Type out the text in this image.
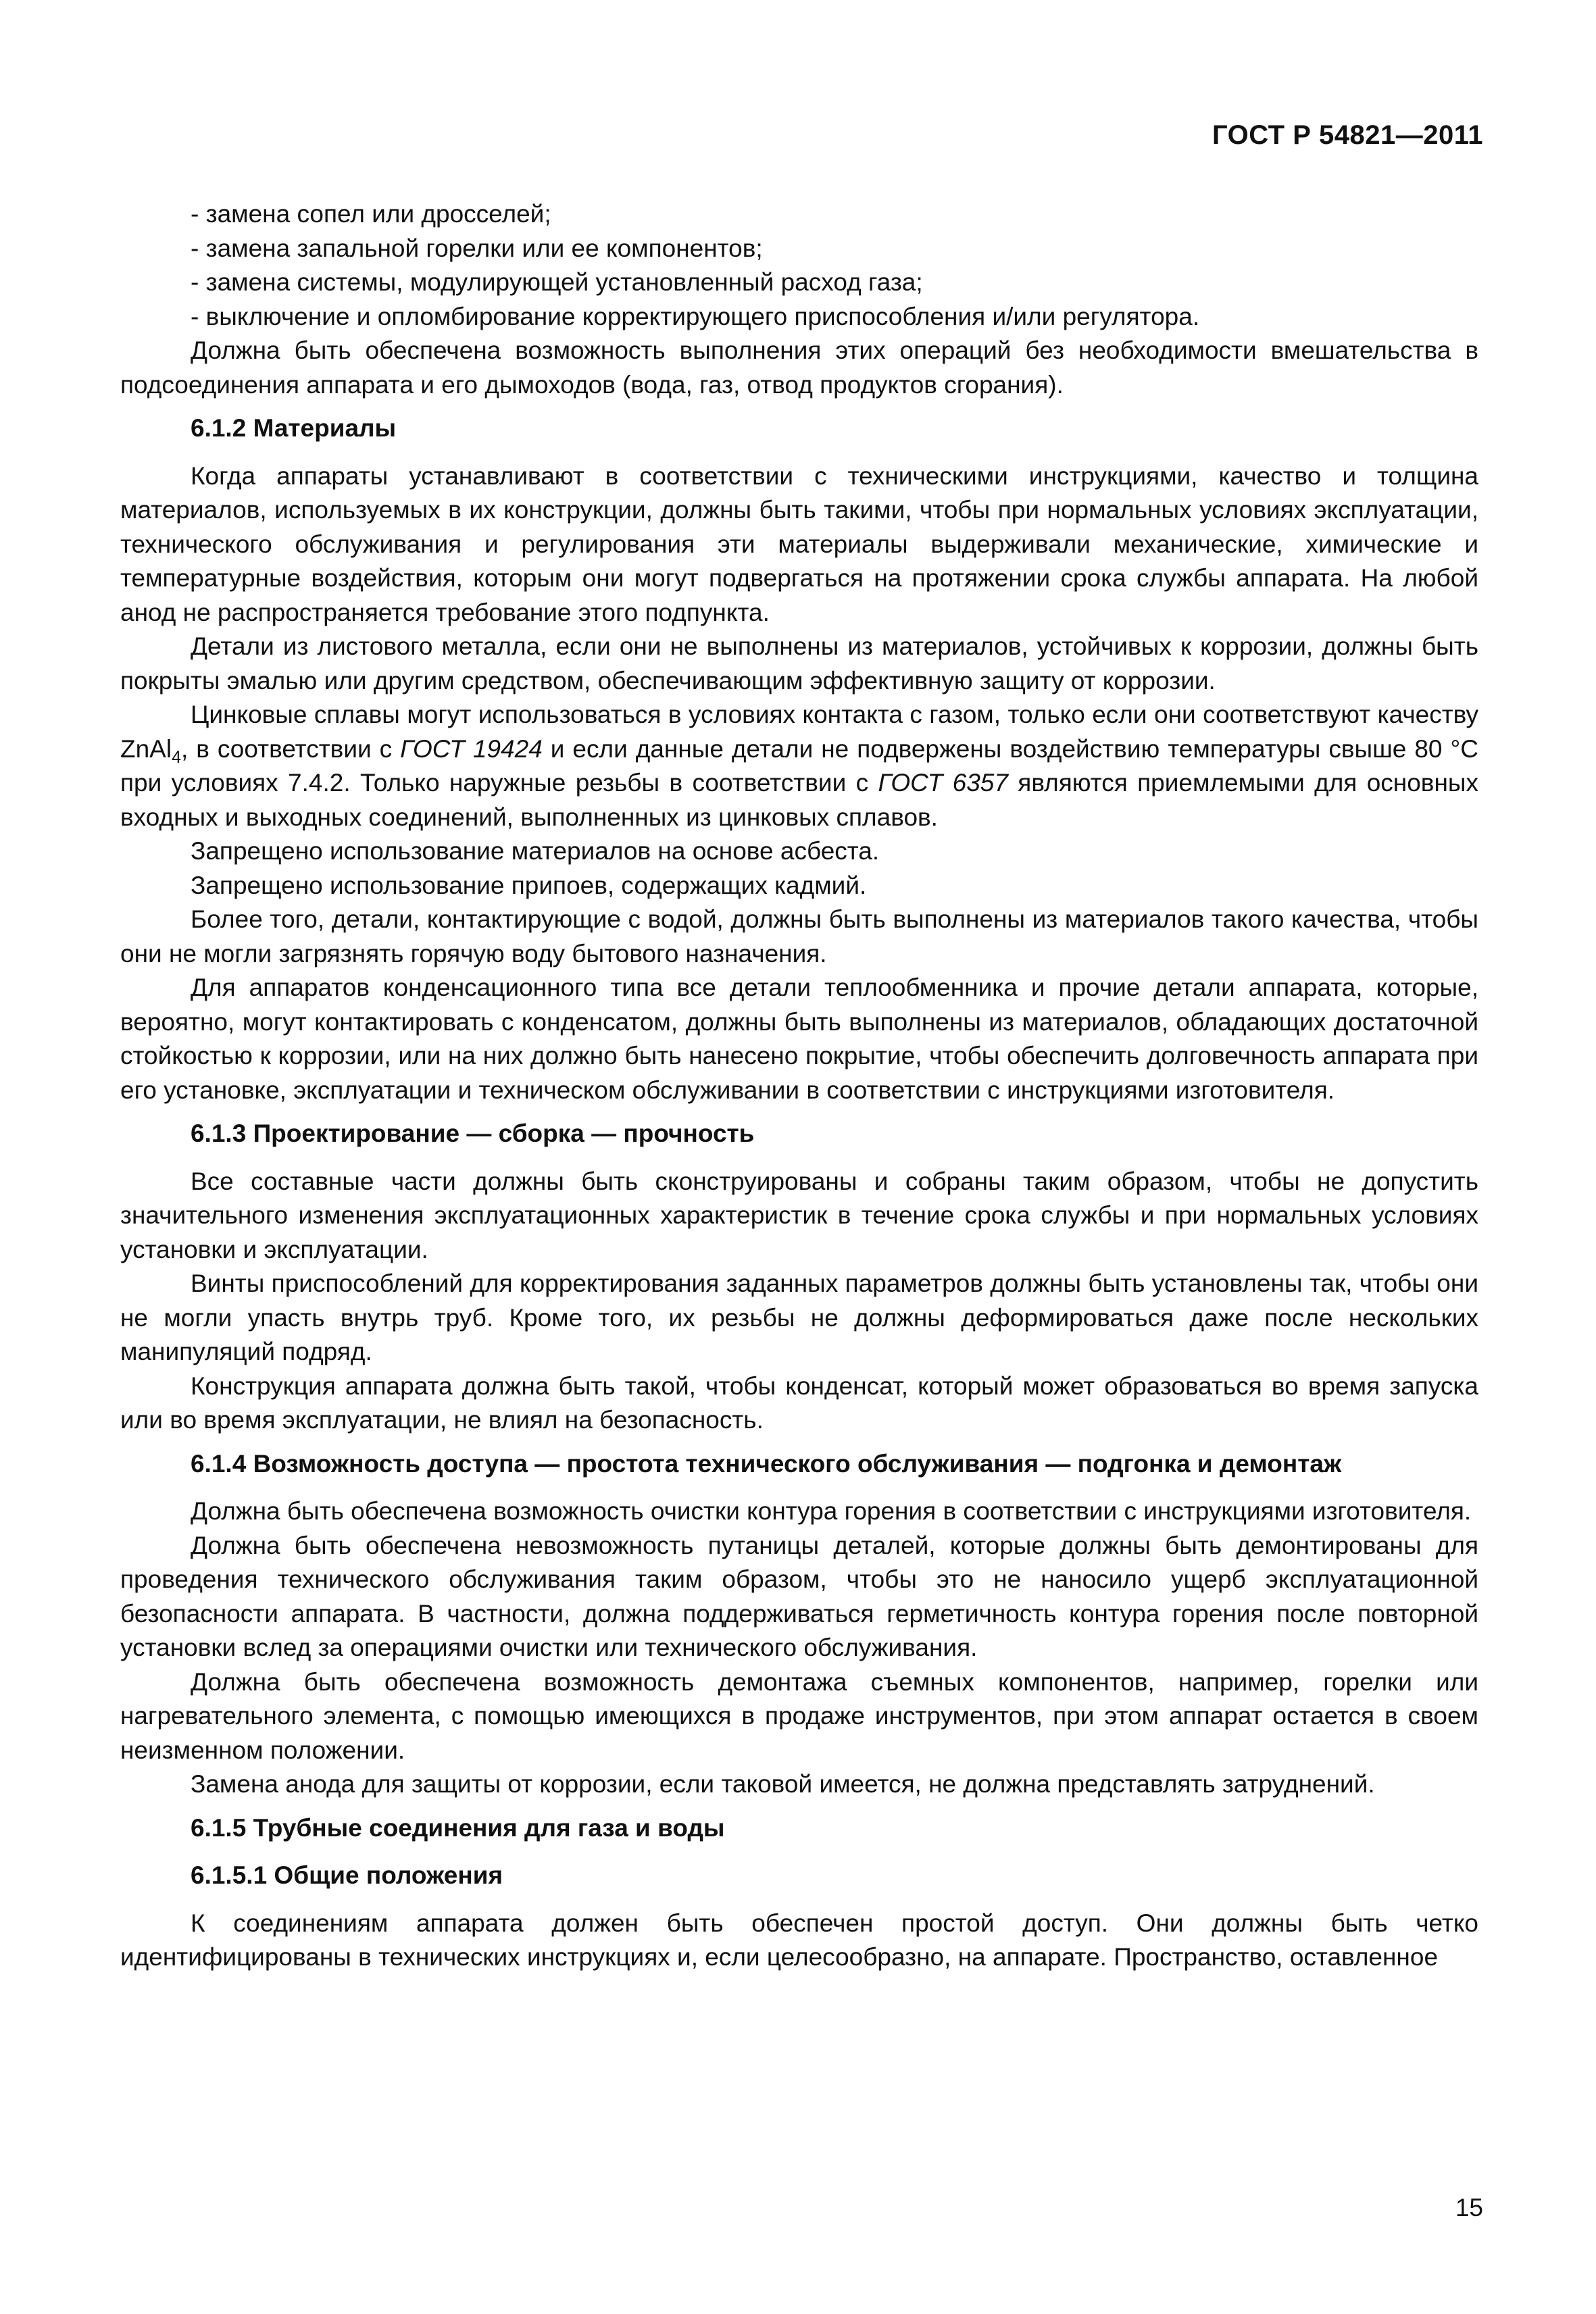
ГОСТ Р 54821—2011

- замена сопел или дросселей;

- замена запальной горелки или ее компонентов;

- замена системы, модулирующей установленный расход газа;

- выключение и опломбирование корректирующего приспособления и/или регулятора.

Должна быть обеспечена возможность выполнения этих операций без необходимости вмешательства в подсоединения аппарата и его дымоходов (вода, газ, отвод продуктов сгорания).

6.1.2 Материалы

Когда аппараты устанавливают в соответствии с техническими инструкциями, качество и толщина материалов, используемых в их конструкции, должны быть такими, чтобы при нормальных условиях эксплуатации, технического обслуживания и регулирования эти материалы выдерживали механические, химические и температурные воздействия, которым они могут подвергаться на протяжении срока службы аппарата. На любой анод не распространяется требование этого подпункта.

Детали из листового металла, если они не выполнены из материалов, устойчивых к коррозии, должны быть покрыты эмалью или другим средством, обеспечивающим эффективную защиту от коррозии.

Цинковые сплавы могут использоваться в условиях контакта с газом, только если они соответствуют качеству ZnAl$_4$, в соответствии с ГОСТ 19424 и если данные детали не подвержены воздействию температуры свыше 80 °С при условиях 7.4.2. Только наружные резьбы в соответствии с ГОСТ 6357 являются приемлемыми для основных входных и выходных соединений, выполненных из цинковых сплавов.

Запрещено использование материалов на основе асбеста.

Запрещено использование припоев, содержащих кадмий.

Более того, детали, контактирующие с водой, должны быть выполнены из материалов такого качества, чтобы они не могли загрязнять горячую воду бытового назначения.

Для аппаратов конденсационного типа все детали теплообменника и прочие детали аппарата, которые, вероятно, могут контактировать с конденсатом, должны быть выполнены из материалов, обладающих достаточной стойкостью к коррозии, или на них должно быть нанесено покрытие, чтобы обеспечить долговечность аппарата при его установке, эксплуатации и техническом обслуживании в соответствии с инструкциями изготовителя.

6.1.3 Проектирование — сборка — прочность

Все составные части должны быть сконструированы и собраны таким образом, чтобы не допустить значительного изменения эксплуатационных характеристик в течение срока службы и при нормальных условиях установки и эксплуатации.

Винты приспособлений для корректирования заданных параметров должны быть установлены так, чтобы они не могли упасть внутрь труб. Кроме того, их резьбы не должны деформироваться даже после нескольких манипуляций подряд.

Конструкция аппарата должна быть такой, чтобы конденсат, который может образоваться во время запуска или во время эксплуатации, не влиял на безопасность.

6.1.4 Возможность доступа — простота технического обслуживания — подгонка и демонтаж

Должна быть обеспечена возможность очистки контура горения в соответствии с инструкциями изготовителя.

Должна быть обеспечена невозможность путаницы деталей, которые должны быть демонтированы для проведения технического обслуживания таким образом, чтобы это не наносило ущерб эксплуатационной безопасности аппарата. В частности, должна поддерживаться герметичность контура горения после повторной установки вслед за операциями очистки или технического обслуживания.

Должна быть обеспечена возможность демонтажа съемных компонентов, например, горелки или нагревательного элемента, с помощью имеющихся в продаже инструментов, при этом аппарат остается в своем неизменном положении.

Замена анода для защиты от коррозии, если таковой имеется, не должна представлять затруднений.

6.1.5 Трубные соединения для газа и воды
6.1.5.1 Общие положения

К соединениям аппарата должен быть обеспечен простой доступ. Они должны быть четко идентифицированы в технических инструкциях и, если целесообразно, на аппарате. Пространство, оставленное

15
